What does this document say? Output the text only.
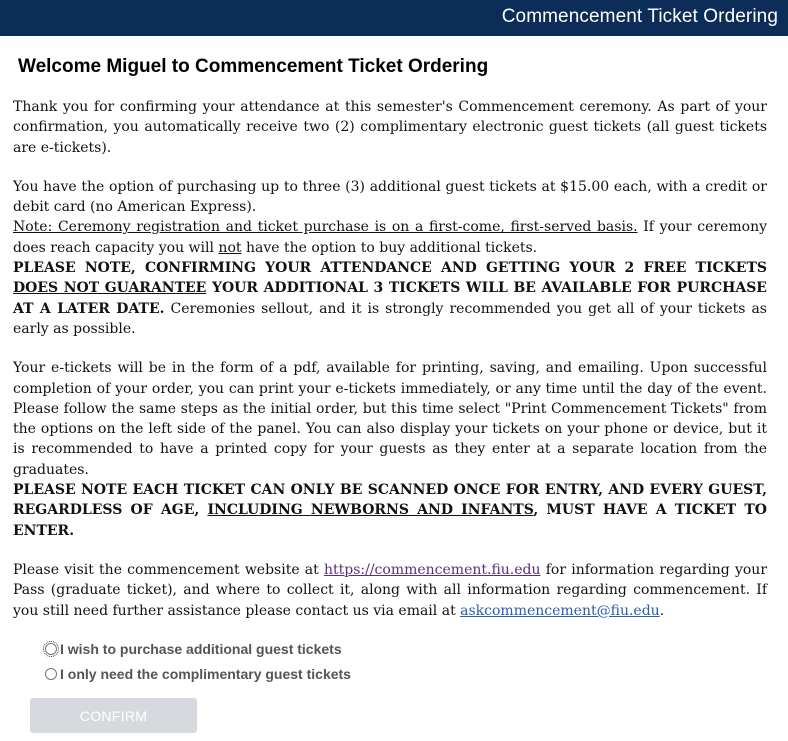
Commencement Ticket Ordering
Welcome Miguel to Commencement Ticket Ordering

Thank you for confirming your attendance at this semester's Commencement ceremony. As part of your confirmation, you automatically receive two (2) complimentary electronic guest tickets (all guest tickets are e-tickets).

You have the option of purchasing up to three (3) additional guest tickets at $15.00 each, with a credit or debit card (no American Express).
Note: Ceremony registration and ticket purchase is on a first-come, first-served basis. If your ceremony does reach capacity you will not have the option to buy additional tickets.
PLEASE NOTE, CONFIRMING YOUR ATTENDANCE AND GETTING YOUR 2 FREE TICKETS DOES NOT GUARANTEE YOUR ADDITIONAL 3 TICKETS WILL BE AVAILABLE FOR PURCHASE AT A LATER DATE. Ceremonies sellout, and it is strongly recommended you get all of your tickets as early as possible.

Your e-tickets will be in the form of a pdf, available for printing, saving, and emailing. Upon successful completion of your order, you can print your e-tickets immediately, or any time until the day of the event. Please follow the same steps as the initial order, but this time select "Print Commencement Tickets" from the options on the left side of the panel. You can also display your tickets on your phone or device, but it is recommended to have a printed copy for your guests as they enter at a separate location from the graduates.
PLEASE NOTE EACH TICKET CAN ONLY BE SCANNED ONCE FOR ENTRY, AND EVERY GUEST, REGARDLESS OF AGE, INCLUDING NEWBORNS AND INFANTS, MUST HAVE A TICKET TO ENTER.

Please visit the commencement website at https://commencement.fiu.edu for information regarding your Pass (graduate ticket), and where to collect it, along with all information regarding commencement. If you still need further assistance please contact us via email at askcommencement@fiu.edu.

I wish to purchase additional guest tickets
I only need the complimentary guest tickets
CONFIRM
